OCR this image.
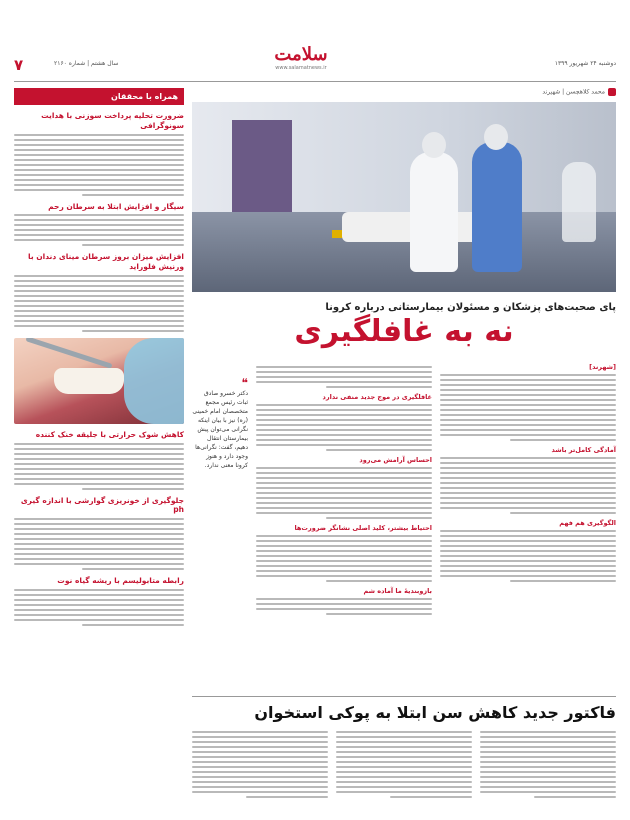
۷	سال هشتم | شماره ۲۱۶۰	سلامت
www.salamatnews.ir
دوشنبه ۲۴ شهریور ۱۳۹۹
همراه با محققان
ضرورت تحلیه پرداخت سوزنی با هدایت سونوگرافی
سیگار و افزایش ابتلا به سرطان رحم
افزایش میزان بروز سرطان مینای دندان با ورنیش فلوراید
کاهش شوک حرارتی با جلیقه خنک کننده
جلوگیری از خونریزی گوارشی با اندازه گیری ph
رابطه متابولیسم با ریشه گیاه نوت
محمد کلاهچسن | شهیرند
پای صحبت‌های پزشکان و مسئولان بیمارستانی درباره کرونا
نه به غافلگیری
[شهرند]
آمادگی کامل‌تر باشد
الگوگیری هم فهم
غافلگیری در موج جدید منفی ندارد
احساس آرامش می‌رود
احتیاط بیشتر، کلید اصلی نشانگر ضرورت‌ها
بازوبندیهٔ ما آماده شم
❝
دکتر خسرو صادق ثبات رئیس مجمع متخصصان امام خمینی (ره) نیز با بیان اینکه نگرانی می‌توان پیش بیمارستان انتقال دهیم، گفت: نگرانی‌ها وجود دارد و هنوز کرونا معنی ندارد.
فاکتور جدید کاهش سن ابتلا به پوکی استخوان
